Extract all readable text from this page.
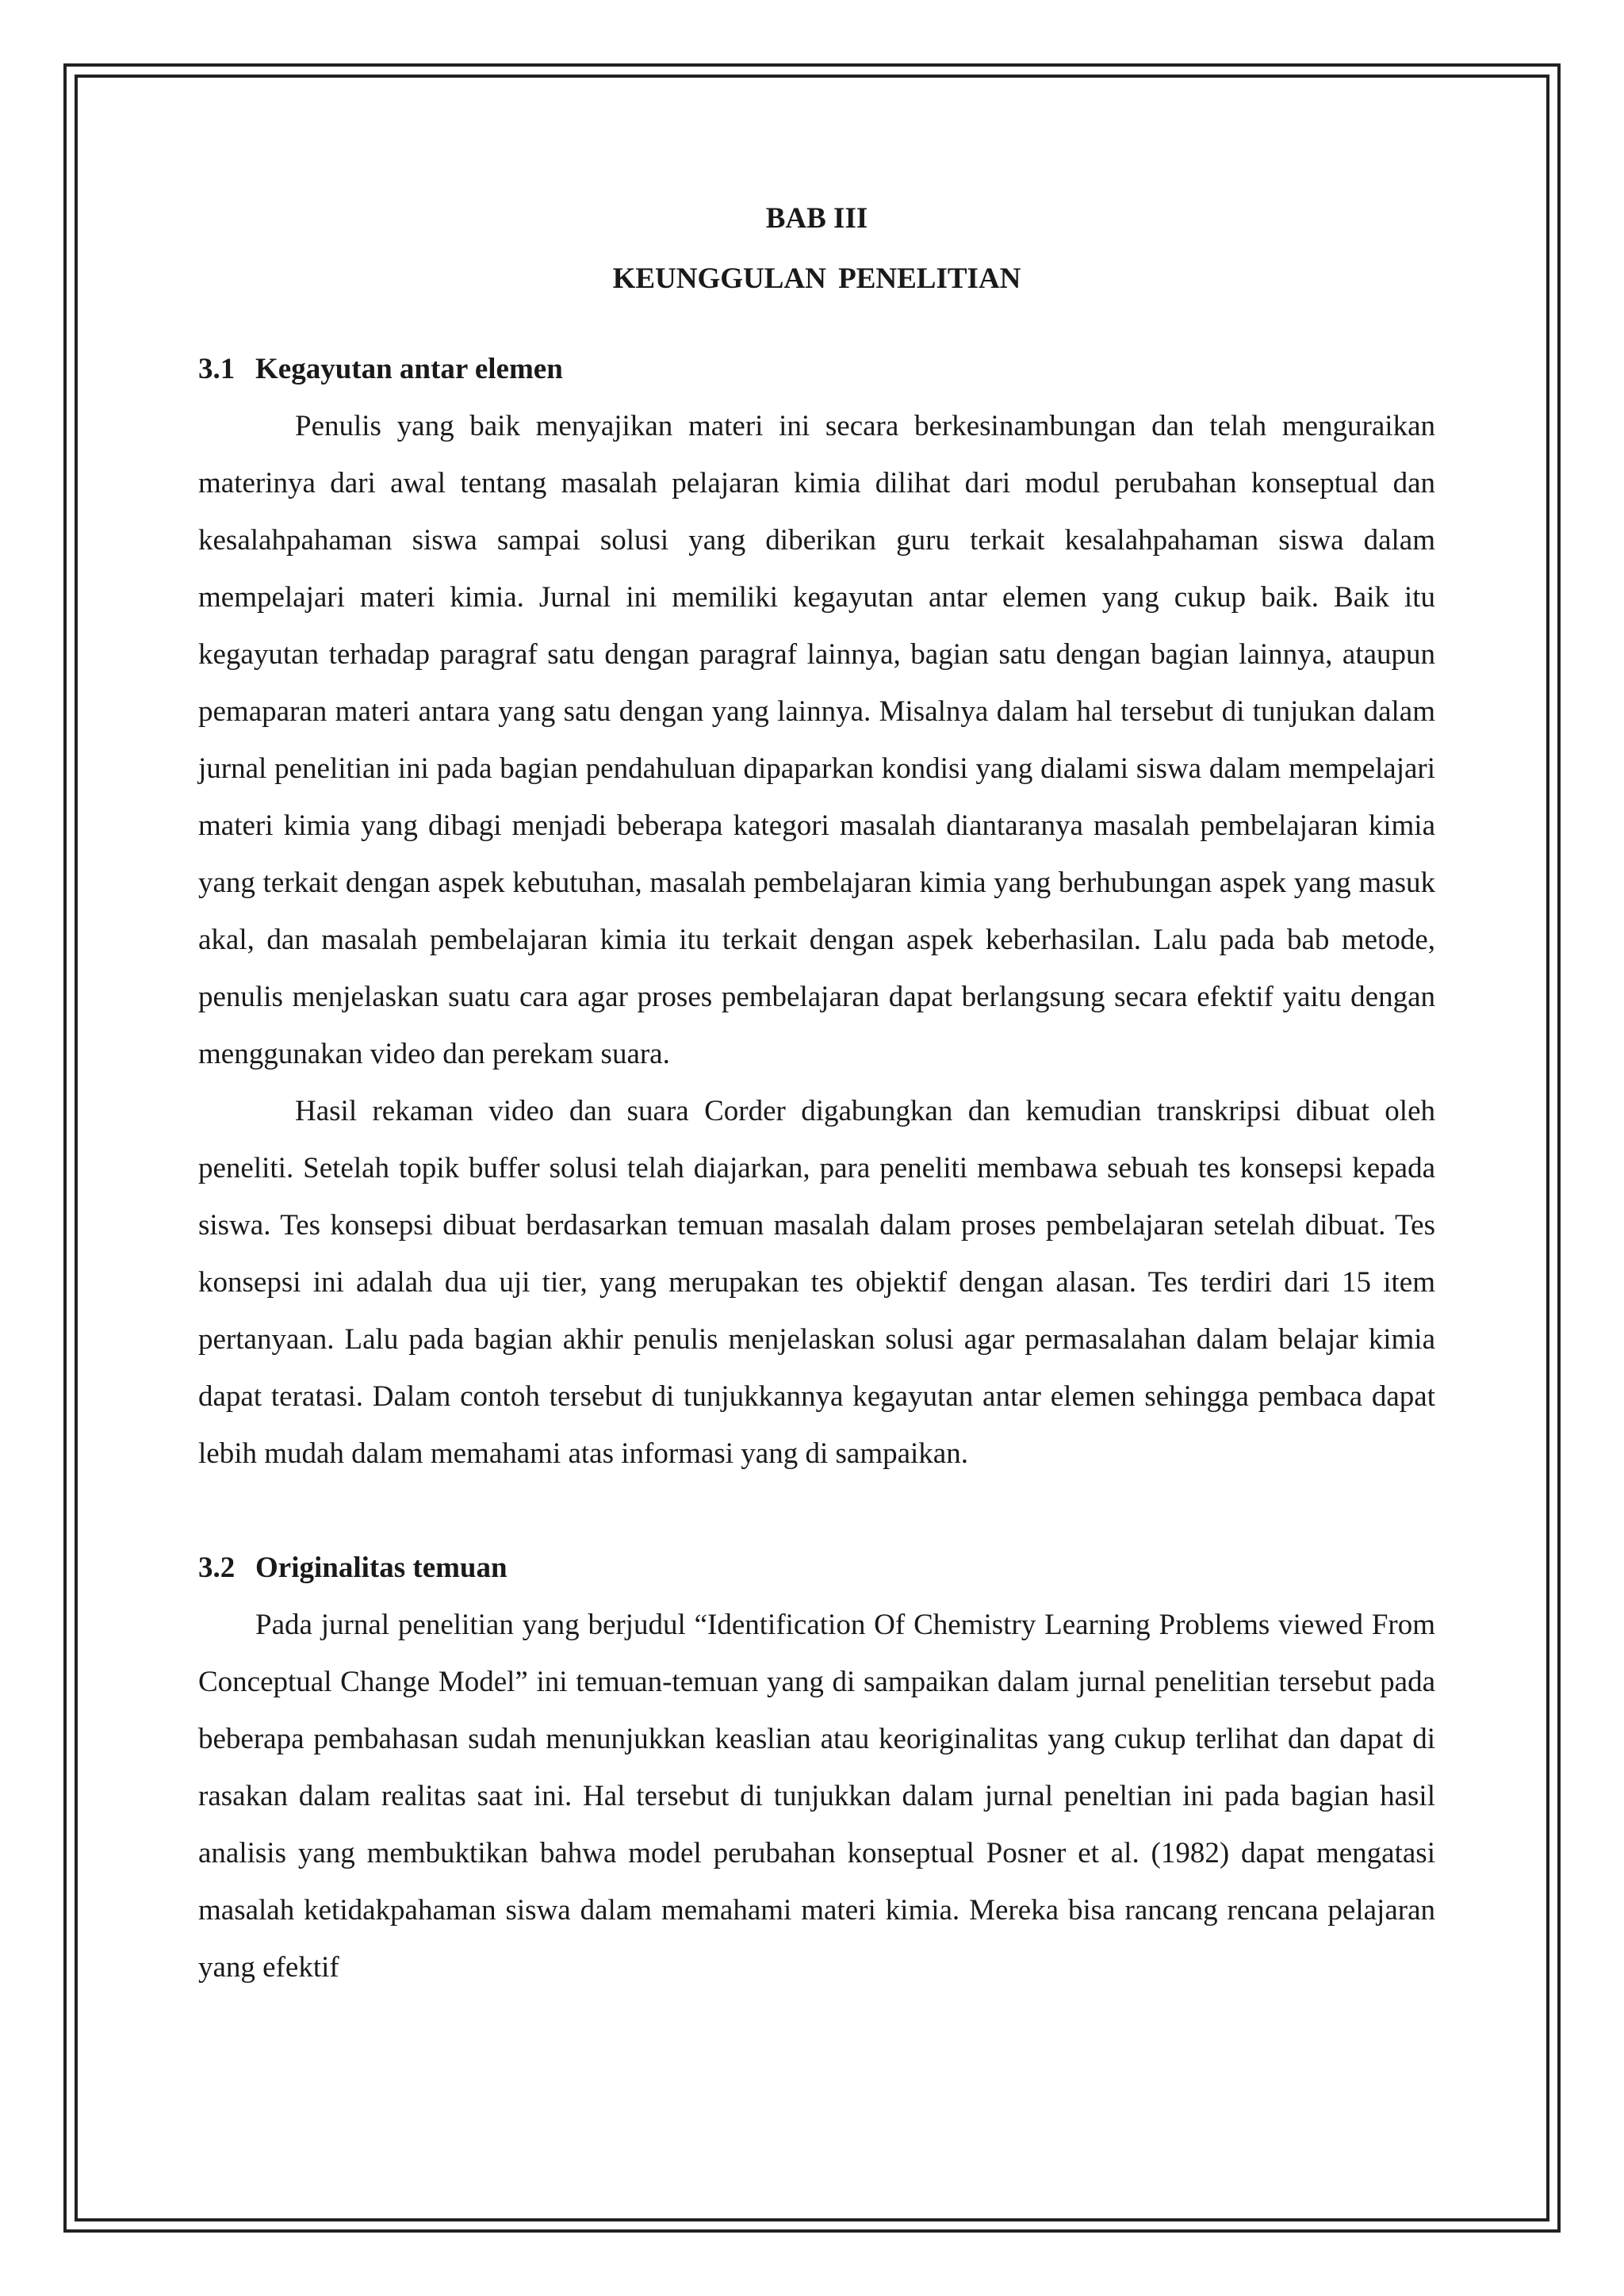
BAB III
KEUNGGULAN PENELITIAN
3.1 Kegayutan antar elemen

Penulis yang baik menyajikan materi ini secara berkesinambungan dan telah menguraikan materinya dari awal tentang masalah pelajaran kimia dilihat dari modul perubahan konseptual dan kesalahpahaman siswa sampai solusi yang diberikan guru terkait kesalahpahaman siswa dalam mempelajari materi kimia. Jurnal ini memiliki kegayutan antar elemen yang cukup baik. Baik itu kegayutan terhadap paragraf satu dengan paragraf lainnya, bagian satu dengan bagian lainnya, ataupun pemaparan materi antara yang satu dengan yang lainnya. Misalnya dalam hal tersebut di tunjukan dalam jurnal penelitian ini pada bagian pendahuluan dipaparkan kondisi yang dialami siswa dalam mempelajari materi kimia yang dibagi menjadi beberapa kategori masalah diantaranya masalah pembelajaran kimia yang terkait dengan aspek kebutuhan, masalah pembelajaran kimia yang berhubungan aspek yang masuk akal, dan masalah pembelajaran kimia itu terkait dengan aspek keberhasilan. Lalu pada bab metode, penulis menjelaskan suatu cara agar proses pembelajaran dapat berlangsung secara efektif yaitu dengan menggunakan video dan perekam suara.

Hasil rekaman video dan suara Corder digabungkan dan kemudian transkripsi dibuat oleh peneliti. Setelah topik buffer solusi telah diajarkan, para peneliti membawa sebuah tes konsepsi kepada siswa. Tes konsepsi dibuat berdasarkan temuan masalah dalam proses pembelajaran setelah dibuat. Tes konsepsi ini adalah dua uji tier, yang merupakan tes objektif dengan alasan. Tes terdiri dari 15 item pertanyaan. Lalu pada bagian akhir penulis menjelaskan solusi agar permasalahan dalam belajar kimia dapat teratasi. Dalam contoh tersebut di tunjukkannya kegayutan antar elemen sehingga pembaca dapat lebih mudah dalam memahami atas informasi yang di sampaikan.

3.2 Originalitas temuan

Pada jurnal penelitian yang berjudul “Identification Of Chemistry Learning Problems viewed From Conceptual Change Model” ini temuan-temuan yang di sampaikan dalam jurnal penelitian tersebut pada beberapa pembahasan sudah menunjukkan keaslian atau keoriginalitas yang cukup terlihat dan dapat di rasakan dalam realitas saat ini. Hal tersebut di tunjukkan dalam jurnal peneltian ini pada bagian hasil analisis yang membuktikan bahwa model perubahan konseptual Posner et al. (1982) dapat mengatasi masalah ketidakpahaman siswa dalam memahami materi kimia. Mereka bisa rancang rencana pelajaran yang efektif
